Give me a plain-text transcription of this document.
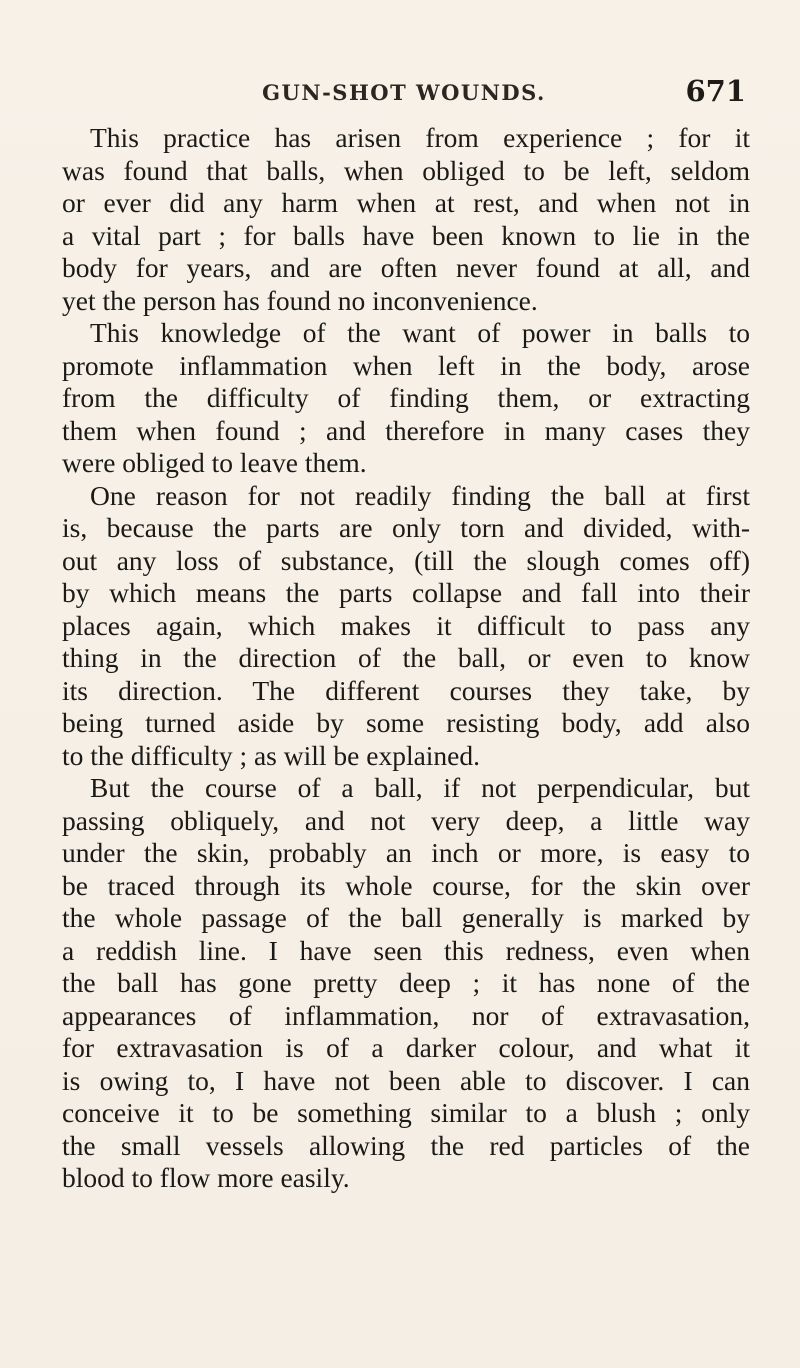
GUN-SHOT WOUNDS.	671
This practice has arisen from experience ; for it
was found that balls, when obliged to be left, seldom
or ever did any harm when at rest, and when not in
a vital part ; for balls have been known to lie in the
body for years, and are often never found at all, and
yet the person has found no inconvenience.
This knowledge of the want of power in balls to
promote inflammation when left in the body, arose
from the difficulty of finding them, or extracting
them when found ; and therefore in many cases they
were obliged to leave them.
One reason for not readily finding the ball at first
is, because the parts are only torn and divided, with-
out any loss of substance, (till the slough comes off)
by which means the parts collapse and fall into their
places again, which makes it difficult to pass any
thing in the direction of the ball, or even to know
its direction. The different courses they take, by
being turned aside by some resisting body, add also
to the difficulty ; as will be explained.
But the course of a ball, if not perpendicular, but
passing obliquely, and not very deep, a little way
under the skin, probably an inch or more, is easy to
be traced through its whole course, for the skin over
the whole passage of the ball generally is marked by
a reddish line. I have seen this redness, even when
the ball has gone pretty deep ; it has none of the
appearances of inflammation, nor of extravasation,
for extravasation is of a darker colour, and what it
is owing to, I have not been able to discover. I can
conceive it to be something similar to a blush ; only
the small vessels allowing the red particles of the
blood to flow more easily.
